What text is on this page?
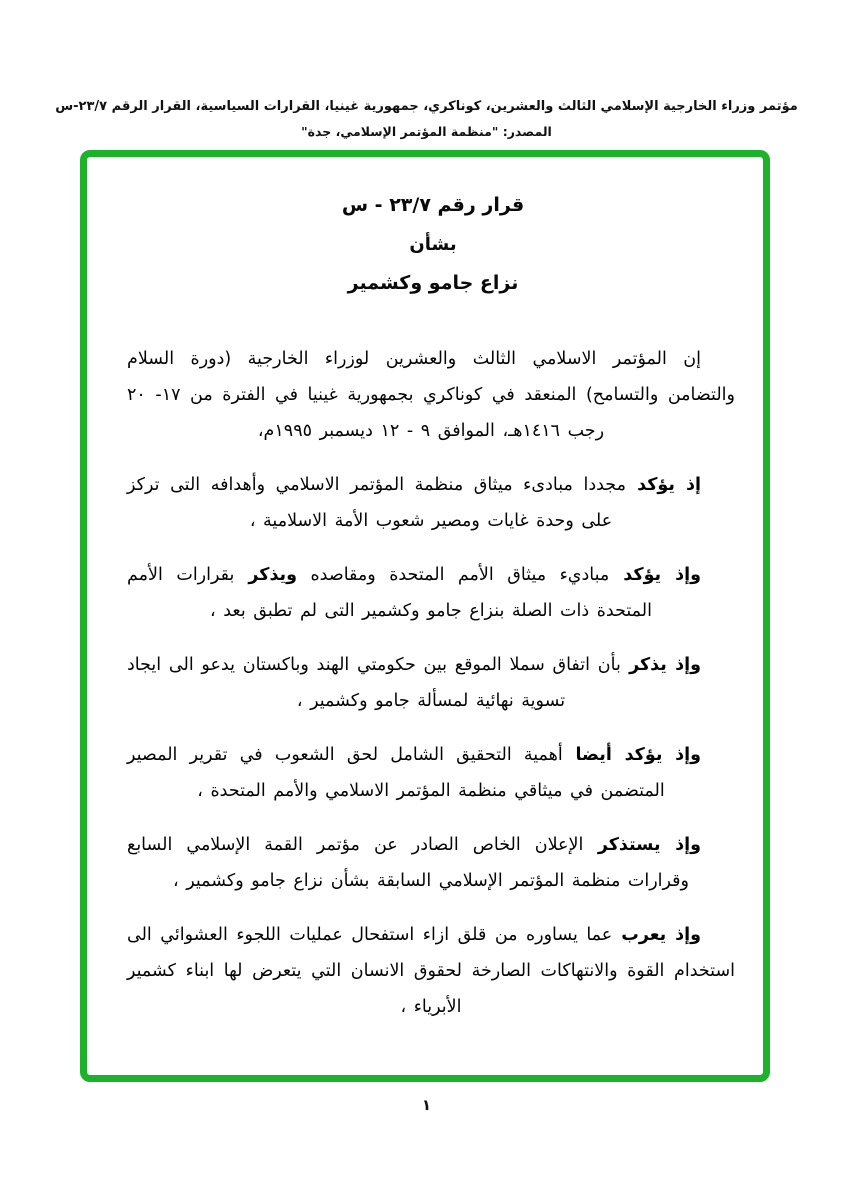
مؤتمر وزراء الخارجية الإسلامي الثالث والعشرين، كوناكري، جمهورية غينيا، القرارات السياسية، القرار الرقم ٢٣/٧-س
المصدر: "منظمة المؤتمر الإسلامي، جدة"
قرار رقم ٢٣/٧ - س
بشأن
نزاع جامو وكشمير

إن المؤتمر الاسلامي الثالث والعشرين لوزراء الخارجية (دورة السلام والتضامن والتسامح) المنعقد في كوناكري بجمهورية غينيا في الفترة من ١٧- ٢٠ رجب ١٤١٦هـ، الموافق ٩ - ١٢ ديسمبر ١٩٩٥م،

إذ يؤكد مجددا مبادىء ميثاق منظمة المؤتمر الاسلامي وأهدافه التى تركز على وحدة غايات ومصير شعوب الأمة الاسلامية ،

وإذ يؤكد مباديء ميثاق الأمم المتحدة ومقاصده ويذكر بقرارات الأمم المتحدة ذات الصلة بنزاع جامو وكشمير التى لم تطبق بعد ،

وإذ يذكر بأن اتفاق سملا الموقع بين حكومتي الهند وباكستان يدعو الى ايجاد تسوية نهائية لمسألة جامو وكشمير ،

وإذ يؤكد أيضا أهمية التحقيق الشامل لحق الشعوب في تقرير المصير المتضمن في ميثاقي منظمة المؤتمر الاسلامي والأمم المتحدة ،

وإذ يستذكر الإعلان الخاص الصادر عن مؤتمر القمة الإسلامي السابع وقرارات منظمة المؤتمر الإسلامي السابقة بشأن نزاع جامو وكشمير ،

وإذ يعرب عما يساوره من قلق ازاء استفحال عمليات اللجوء العشوائي الى استخدام القوة والانتهاكات الصارخة لحقوق الانسان التي يتعرض لها ابناء كشمير الأبرياء ،

١
